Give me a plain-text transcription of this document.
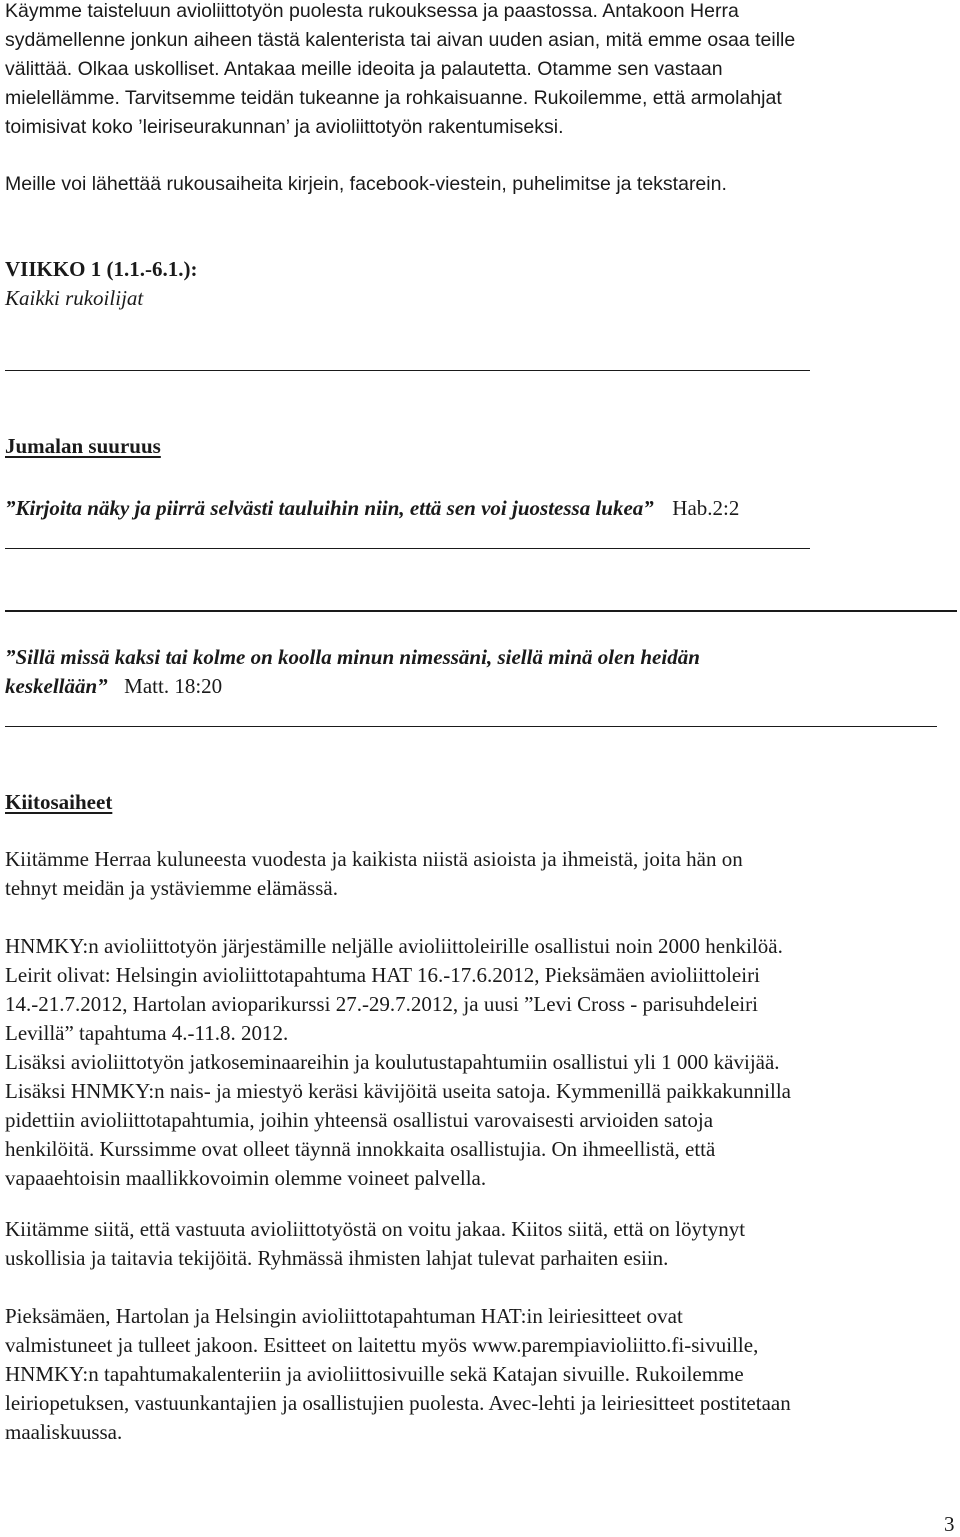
Käymme taisteluun avioliittotyön puolesta rukouksessa ja paastossa. Antakoon Herra
sydämellenne jonkun aiheen tästä kalenterista tai aivan uuden asian, mitä emme osaa teille
välittää. Olkaa uskolliset. Antakaa meille ideoita ja palautetta. Otamme sen vastaan
mielellämme. Tarvitsemme teidän tukeanne ja rohkaisuanne. Rukoilemme, että armolahjat
toimisivat koko ’leiriseurakunnan’ ja avioliittotyön rakentumiseksi.
Meille voi lähettää rukousaiheita kirjein, facebook-viestein, puhelimitse ja tekstarein.
VIIKKO 1 (1.1.-6.1.):
Kaikki rukoilijat
Jumalan suuruus
”Kirjoita näky ja piirrä selvästi tauluihin niin, että sen voi juostessa lukea” Hab.2:2
”Sillä missä kaksi tai kolme on koolla minun nimessäni, siellä minä olen heidän
keskellään” Matt. 18:20
Kiitosaiheet
Kiitämme Herraa kuluneesta vuodesta ja kaikista niistä asioista ja ihmeistä, joita hän on
tehnyt meidän ja ystäviemme elämässä.
HNMKY:n avioliittotyön järjestämille neljälle avioliittoleirille osallistui noin 2000 henkilöä.
Leirit olivat: Helsingin avioliittotapahtuma HAT 16.-17.6.2012, Pieksämäen avioliittoleiri
14.-21.7.2012, Hartolan avioparikurssi 27.-29.7.2012, ja uusi ”Levi Cross - parisuhdeleiri
Levillä” tapahtuma 4.-11.8. 2012.
Lisäksi avioliittotyön jatkoseminaareihin ja koulutustapahtumiin osallistui yli 1 000 kävijää.
Lisäksi HNMKY:n nais- ja miestyö keräsi kävijöitä useita satoja. Kymmenillä paikkakunnilla
pidettiin avioliittotapahtumia, joihin yhteensä osallistui varovaisesti arvioiden satoja
henkilöitä. Kurssimme ovat olleet täynnä innokkaita osallistujia. On ihmeellistä, että
vapaaehtoisin maallikkovoimin olemme voineet palvella.
Kiitämme siitä, että vastuuta avioliittotyöstä on voitu jakaa. Kiitos siitä, että on löytynyt
uskollisia ja taitavia tekijöitä. Ryhmässä ihmisten lahjat tulevat parhaiten esiin.
Pieksämäen, Hartolan ja Helsingin avioliittotapahtuman HAT:in leiriesitteet ovat
valmistuneet ja tulleet jakoon. Esitteet on laitettu myös www.parempiavioliitto.fi-sivuille,
HNMKY:n tapahtumakalenteriin ja avioliittosivuille sekä Katajan sivuille. Rukoilemme
leiriopetuksen, vastuunkantajien ja osallistujien puolesta. Avec-lehti ja leiriesitteet postitetaan
maaliskuussa.
3
